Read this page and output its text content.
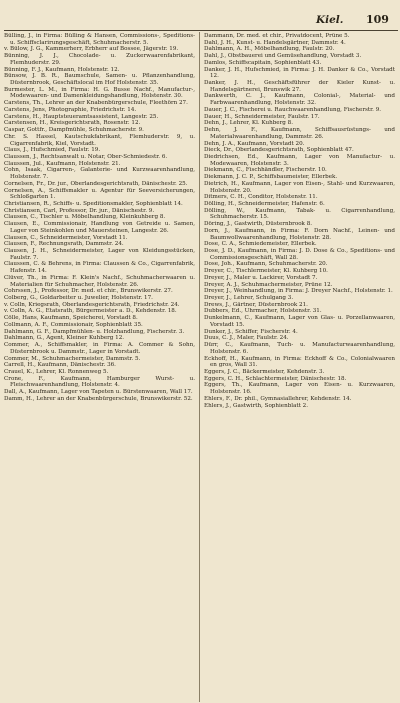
Kiel. 109

Bülling, J., in Firma: Bülling & Hansen, Commissions-, Speditions- u. Schiffsclarirungsgeschäft, Schuhmacherstr. 5.

v. Bülow, J. G., Kammerherr, Erbherr auf Bossee, Jägerstr. 19.

Bünning, J. J., Chocolade- u. Zuckerwaarenfabrikant, Flemhuderstr. 29.

Bünning, F. J., Kaufmann, Holstenstr. 12.

Bünsow, J. B. R., Baumschule, Samen- u. Pflanzenhandlung, Düsternbrook, Geschäftslocal im Hof Holstenstr. 35.

Burmester, L. M., in Firma: H. G. Busse Nachf., Manufactur-, Modewaaren- und Damenkleidungshandlung, Holstenstr. 30.

Carstens, Th., Lehrer an der Knabenbürgerschule, Fleethörn 27.

Carstens, Jens, Photographie, Friedrichstr. 14.

Carstens, H., Hauptsteueramtsassistent, Langestr. 25.

Carstensen, H., Kreisgerichtsrath, Rosenstr. 12.

Caspar, Gottfr., Dampfmühle, Schuhmacherstr. 9.

Chr. S. Hassel, Kautschukfabrikant, Flemhuderstr. 9, u. Cigarrenfabrik, Kiel, Vorstadt.

Claus, J., Hufschmied, Faulstr. 19.

Claussen, J., Rechtsanwalt u. Notar, Ober-Schmiedestr. 6.

Claussen, Jul., Kaufmann, Holstenstr. 21.

Cohn, Isaak, Cigarren-, Galanterie- und Kurzwaarenhandlung, Holstenstr. 7.

Cornelsen, Fr., Dr. jur., Oberlandesgerichtsrath, Dänischestr. 25.

Cornelsen, A., Schiffsmakler u. Agentur für Seeversicherungen, Schloßgarten 1.

Christiansen, R., Schiffs- u. Speditionsmakler, Sophienblatt 14.

Christiansen, Carl, Professor, Dr. jur., Dänischestr. 9.

Clausen, C., Tischler u. Möbelhandlung, Kleinkuhberg 8.

Clausen, E., Commissionair, Handlung von Getreide u. Samen, Lager von Steinkohlen und Mauersteinen, Langestr. 26.

Clausen, C., Schneidermeister, Vorstadt 11.

Clausen, F., Rechnungsrath, Dammstr. 24.

Clausen, J. H., Schneidermeister, Lager von Kleidungsstücken, Faulstr. 7.

Claussen, C. & Behrens, in Firma: Claussen & Co., Cigarrenfabrik, Hafenstr. 14.

Clüver, Th., in Firma: F. Klein's Nachf., Schuhmacherwaaren u. Materialien für Schuhmacher, Holstenstr. 26.

Cohrssen, J., Professor, Dr. med. et chir., Brunswikerstr. 27.

Colberg, G., Goldarbeiter u. Juwelier, Holstenstr. 17.

v. Colln, Kriegsrath, Oberlandesgerichtsrath, Friedrichstr. 24.

v. Colln, A. G., Etatsrath, Bürgermeister a. D., Kehdenstr. 18.

Cölle, Hans, Kaufmann, Speicherei, Vorstadt 8.

Collmann, A. F., Commissionair, Sophienblatt 35.

Dahlmann, G. F., Dampfmühlen- u. Holzhandlung, Fischerstr. 3.

Dahlmann, G., Agent, Kleiner Kuhberg 12.

Commer, A., Schiffsmakler, in Firma: A. Commer & Sohn, Düsternbrook u. Dammstr., Lager in Vorstadt.

Commer, M., Schuhmachermeister, Dammstr. 5.

Carrell, H., Kaufmann, Dänischestr. 36.

Crauel, K., Lehrer, Kl. Ronnenweg 5.

Crone, F., Kaufmann, Hamburger Wurst- u. Fleischwaarenhandlung, Holstenstr. 4.

Dall, A., Kaufmann, Lager von Tapeten u. Bürstenwaaren, Wall 17.

Damm, H., Lehrer an der Knabenbürgerschule, Brunswikerstr. 52.

Dammann, Dr. med. et chir., Privatdocent, Prüne 5.

Dahl, J. H., Kunst- u. Handelsgärtner, Dammstr. 4.

Dahlmann, A. H., Möbelhandlung, Faulstr. 20.

Dahl, J., Obstbauerei und Gemüsehandlung, Vorstadt 3.

Damlos, Schiffscapitain, Sophienblatt 43.

Danker, J. H., Hufschmied, in Firma: J. H. Danker & Co., Vorstadt 12.

Danker, J. H., Geschäftsführer der Kieler Kunst- u. Handelsgärtnerei, Brunswik 27.

Dankwerth, C. J., Kaufmann, Colonial-, Material- und Farbwaarenhandlung, Holstenstr. 32.

Dauer, J. C., Fischerei u. Rauchwaarenhandlung, Fischerstr. 9.

Dauer, H., Schneidermeister, Faulstr. 17.

Dehn, J., Lehrer, Kl. Kuhberg 8.

Dehn, J. F., Kaufmann, Schiffsausrüstungs- und Materialwaarenhandlung, Dammstr. 26.

Dehn, J. A., Kaufmann, Vorstadt 20.

Dieck, Dr., Oberlandesgerichtsrath, Sophienblatt 47.

Diedrichsen, Ed., Kaufmann, Lager von Manufactur- u. Modewaaren, Holstenstr. 3.

Diekmann, C., Fischhändler, Fischerstr. 10.

Diekmann, J. C. P., Schiffsbaumeister, Ellerbek.

Dietrich, H., Kaufmann, Lager von Eisen-, Stahl- und Kurzwaaren, Holstenstr. 20.

Ditmers, C. H., Conditor, Holstenstr. 11.

Dölling, H., Schneidermeister, Hafenstr. 6.

Dölling, W., Kaufmann, Tabak- u. Cigarrenhandlung, Schuhmacherstr. 15.

Döring, J., Gastwirth, Düsternbrook 8.

Dorn, J., Kaufmann, in Firma: F. Dorn Nachf., Leinen- und Baumwollwaarenhandlung, Holstenstr. 28.

Dose, C. A., Schmiedemeister, Ellerbek.

Dose, J. D., Kaufmann, in Firma: J. D. Dose & Co., Speditions- und Commissionsgeschäft, Wall 28.

Dose, Joh., Kaufmann, Schuhmacherstr. 20.

Dreyer, C., Tischlermeister, Kl. Kuhberg 10.

Dreyer, J., Maler u. Lackirer, Vorstadt 7.

Dreyer, A. J., Schuhmachermeister, Prüne 12.

Dreyer, J., Weinhandlung, in Firma: J. Dreyer Nachf., Holstenstr. 1.

Dreyer, J., Lehrer, Schulgang 3.

Drews, J., Gärtner, Düsternbrook 21.

Dubbers, Ed., Uhrmacher, Holstenstr. 31.

Dunkelmann, C., Kaufmann, Lager von Glas- u. Porzellanwaaren, Vorstadt 15.

Dunker, J., Schiffer, Fischerstr. 4.

Duus, C. J., Maler, Faulstr. 24.

Dürr, C., Kaufmann, Tuch- u. Manufacturwaarenhandlung, Holstenstr. 6.

Eckhoff, H., Kaufmann, in Firma: Eckhoff & Co., Colonialwaaren en gros, Wall 31.

Eggers, J. C., Bäckermeister, Kehdenstr. 3.

Eggers, C. H., Schlachtermeister, Dänischestr. 18.

Eggers, Th., Kaufmann, Lager von Eisen- u. Kurzwaaren, Holstenstr. 16.

Ehlers, F., Dr. phil., Gymnasiallehrer, Kehdenstr. 14.

Ehlers, J., Gastwirth, Sophienblatt 2.
